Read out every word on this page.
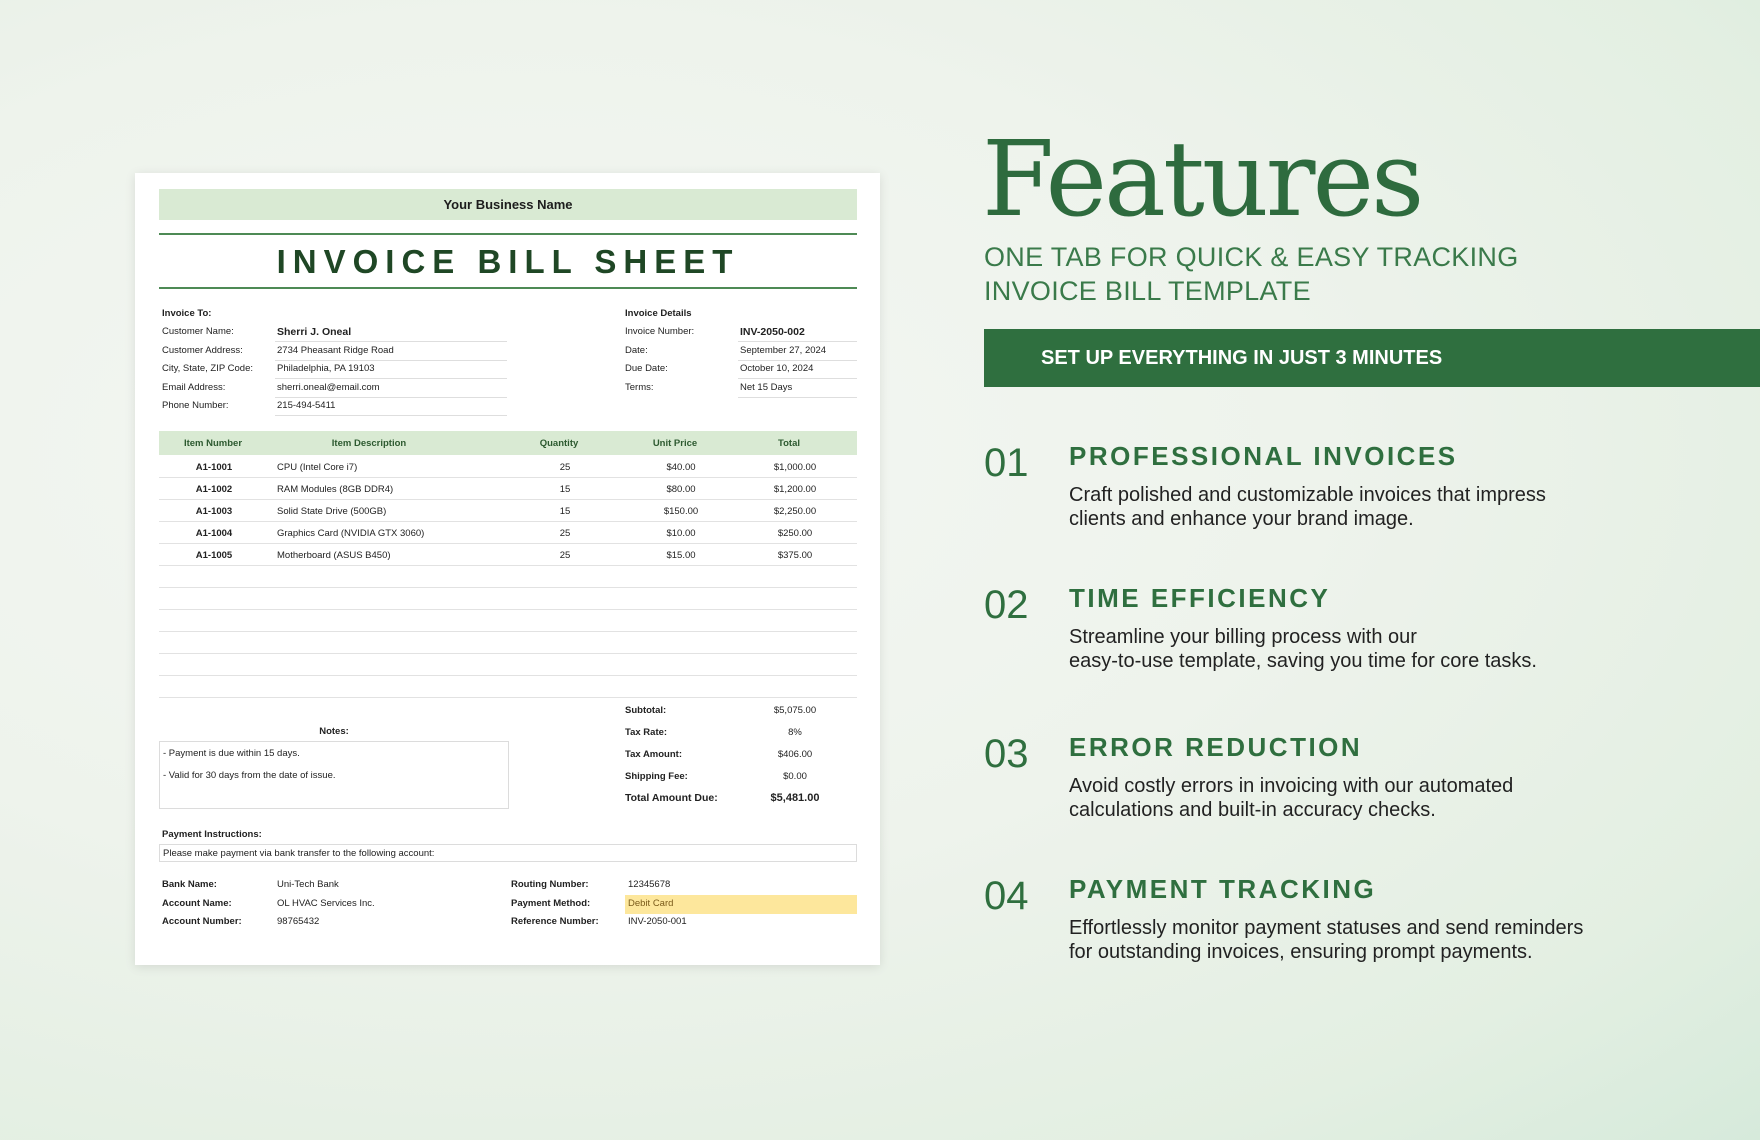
Your Business Name
INVOICE BILL SHEET
Invoice To:
Customer Name:	Sherri J. Oneal
Customer Address:	2734 Pheasant Ridge Road
City, State, ZIP Code:	Philadelphia, PA 19103
Email Address:	sherri.oneal@email.com
Phone Number:	215-494-5411
Invoice Details
Invoice Number:	INV-2050-002
Date:	September 27, 2024
Due Date:	October 10, 2024
Terms:	Net 15 Days
Item Number	Item Description	Quantity	Unit Price	Total
A1-1001	CPU (Intel Core i7)	25	$40.00	$1,000.00
A1-1002	RAM Modules (8GB DDR4)	15	$80.00	$1,200.00
A1-1003	Solid State Drive (500GB)	15	$150.00	$2,250.00
A1-1004	Graphics Card (NVIDIA GTX 3060)	25	$10.00	$250.00
A1-1005	Motherboard (ASUS B450)	25	$15.00	$375.00
Notes:
- Payment is due within 15 days.
- Valid for 30 days from the date of issue.
Subtotal:	$5,075.00
Tax Rate:	8%
Tax Amount:	$406.00
Shipping Fee:	$0.00
Total Amount Due:	$5,481.00
Payment Instructions:
Please make payment via bank transfer to the following account:
Bank Name:	Uni-Tech Bank
Account Name:	OL HVAC Services Inc.
Account Number:	98765432
Routing Number:	12345678
Payment Method:	Debit Card
Reference Number:	INV-2050-001
Features
ONE TAB FOR QUICK & EASY TRACKING
INVOICE BILL TEMPLATE
SET UP EVERYTHING IN JUST 3 MINUTES
01 PROFESSIONAL INVOICES
Craft polished and customizable invoices that impress
clients and enhance your brand image.
02 TIME EFFICIENCY
Streamline your billing process with our
easy-to-use template, saving you time for core tasks.
03 ERROR REDUCTION
Avoid costly errors in invoicing with our automated
calculations and built-in accuracy checks.
04 PAYMENT TRACKING
Effortlessly monitor payment statuses and send reminders
for outstanding invoices, ensuring prompt payments.
